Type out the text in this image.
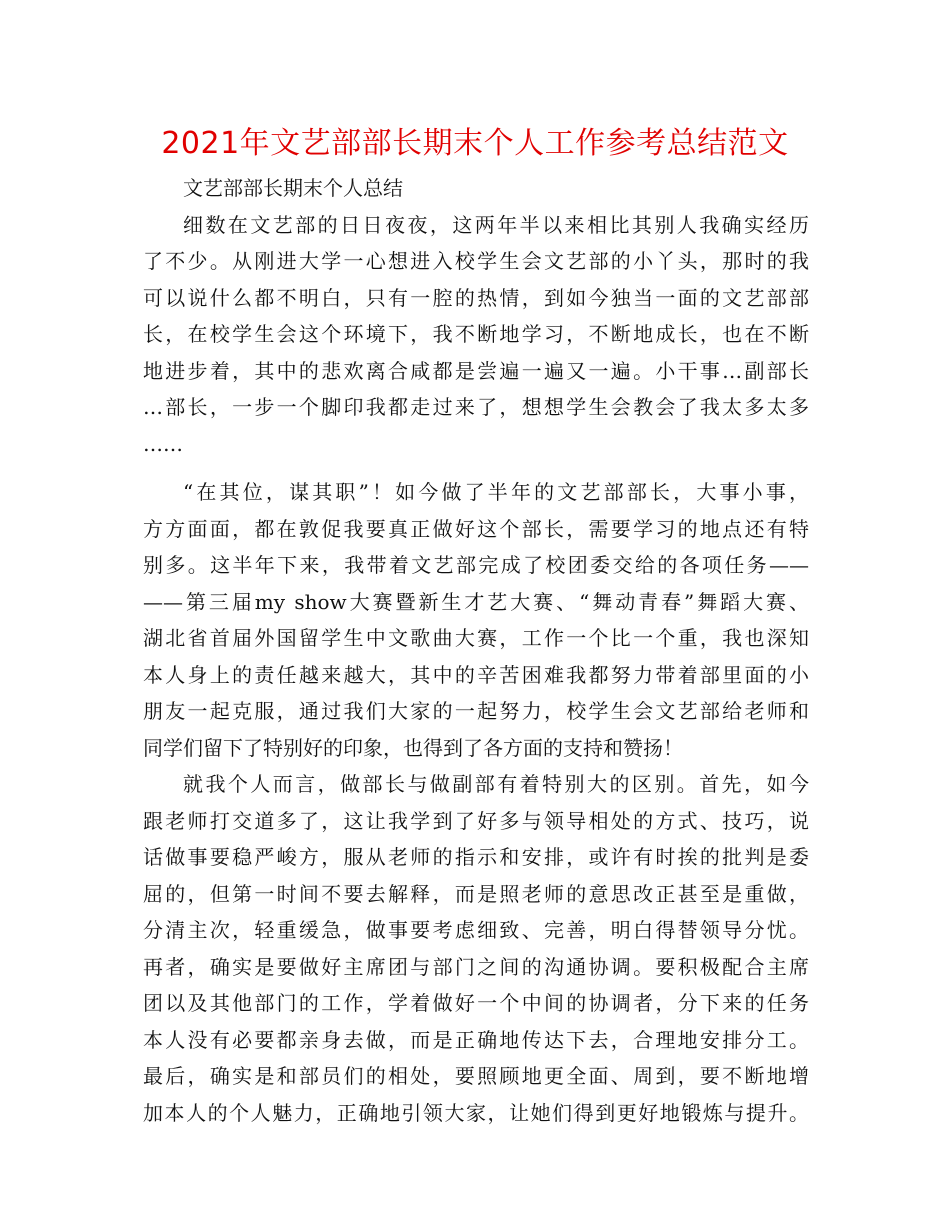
2021年文艺部部长期末个人工作参考总结范文

文艺部部长期末个人总结

细数在文艺部的日日夜夜，这两年半以来相比其别人我确实经历
了不少。从刚进大学一心想进入校学生会文艺部的小丫头，那时的我
可以说什么都不明白，只有一腔的热情，到如今独当一面的文艺部部
长，在校学生会这个环境下，我不断地学习，不断地成长，也在不断
地进步着，其中的悲欢离合咸都是尝遍一遍又一遍。小干事…副部长
…部长，一步一个脚印我都走过来了，想想学生会教会了我太多太多
……

“在其位，谋其职”！如今做了半年的文艺部部长，大事小事，
方方面面，都在敦促我要真正做好这个部长，需要学习的地点还有特
别多。这半年下来，我带着文艺部完成了校团委交给的各项任务——
——第三届my show大赛暨新生才艺大赛、“舞动青春”舞蹈大赛、
湖北省首届外国留学生中文歌曲大赛，工作一个比一个重，我也深知
本人身上的责任越来越大，其中的辛苦困难我都努力带着部里面的小
朋友一起克服，通过我们大家的一起努力，校学生会文艺部给老师和
同学们留下了特别好的印象，也得到了各方面的支持和赞扬！

就我个人而言，做部长与做副部有着特别大的区别。首先，如今
跟老师打交道多了，这让我学到了好多与领导相处的方式、技巧，说
话做事要稳严峻方，服从老师的指示和安排，或许有时挨的批判是委
屈的，但第一时间不要去解释，而是照老师的意思改正甚至是重做，
分清主次，轻重缓急，做事要考虑细致、完善，明白得替领导分忧。
再者，确实是要做好主席团与部门之间的沟通协调。要积极配合主席
团以及其他部门的工作，学着做好一个中间的协调者，分下来的任务
本人没有必要都亲身去做，而是正确地传达下去，合理地安排分工。
最后，确实是和部员们的相处，要照顾地更全面、周到，要不断地增
加本人的个人魅力，正确地引领大家，让她们得到更好地锻炼与提升。
